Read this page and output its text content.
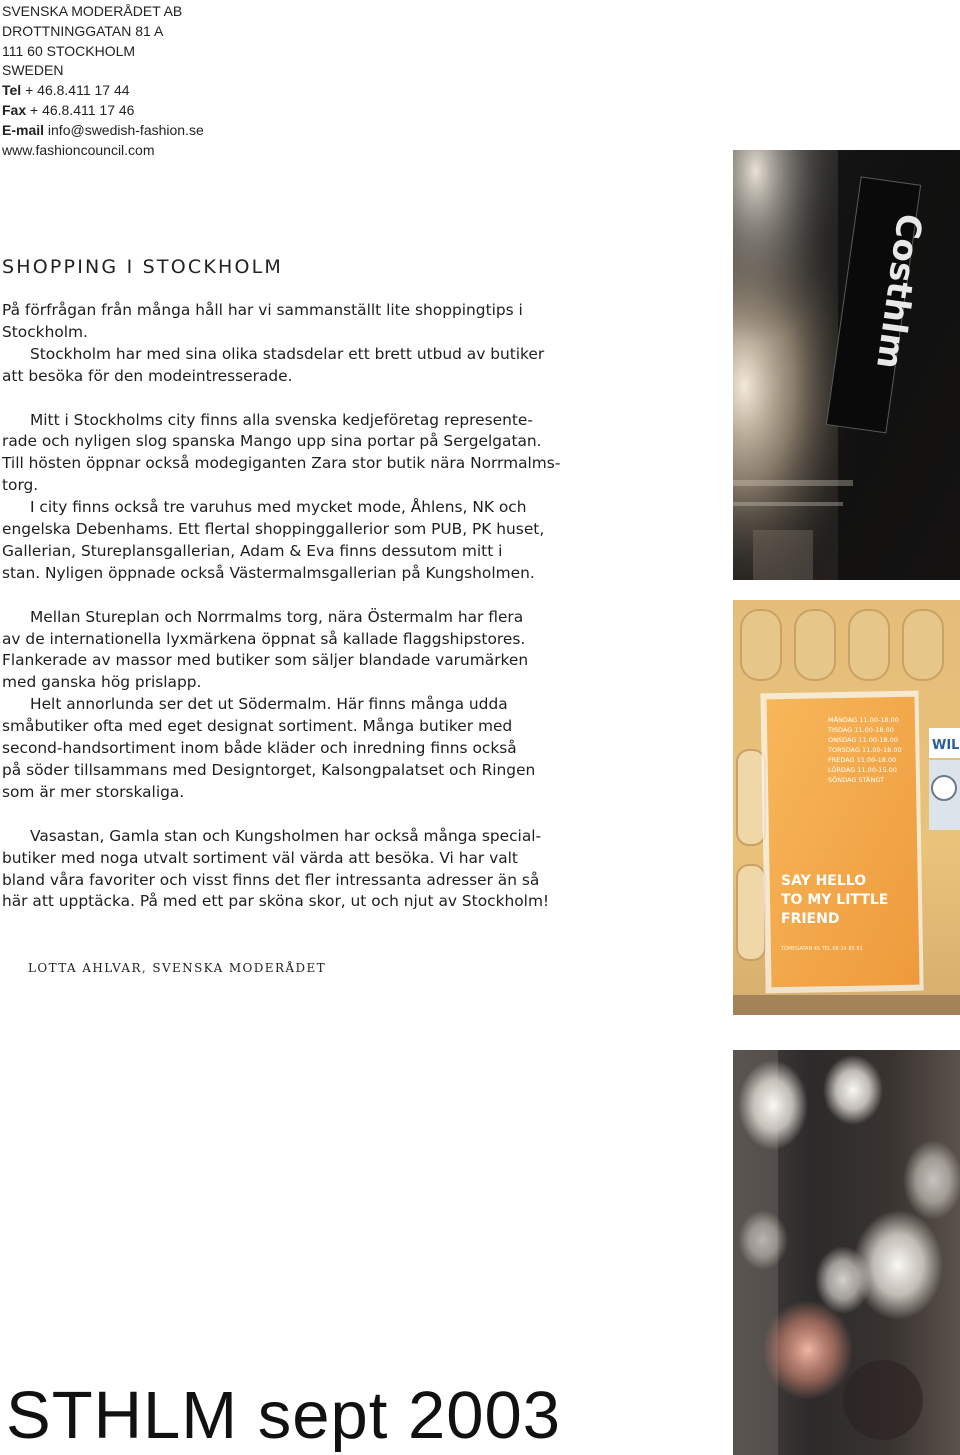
SVENSKA MODERÅDET AB
DROTTNINGGATAN 81 A
111 60 STOCKHOLM
SWEDEN
Tel + 46.8.411 17 44
Fax + 46.8.411 17 46
E-mail info@swedish-fashion.se
www.fashioncouncil.com
SHOPPING I STOCKHOLM
På förfrågan från många håll har vi sammanställt lite shoppingtips i
Stockholm.
Stockholm har med sina olika stadsdelar ett brett utbud av butiker
att besöka för den modeintresserade.
Mitt i Stockholms city finns alla svenska kedjeföretag represente-
rade och nyligen slog spanska Mango upp sina portar på Sergelgatan.
Till hösten öppnar också modegiganten Zara stor butik nära Norrmalms-
torg.
I city finns också tre varuhus med mycket mode, Åhlens, NK och
engelska Debenhams. Ett flertal shoppinggallerior som PUB, PK huset,
Gallerian, Stureplansgallerian, Adam & Eva finns dessutom mitt i
stan. Nyligen öppnade också Västermalmsgallerian på Kungsholmen.
Mellan Stureplan och Norrmalms torg, nära Östermalm har flera
av de internationella lyxmärkena öppnat så kallade flaggshipstores.
Flankerade av massor med butiker som säljer blandade varumärken
med ganska hög prislapp.
Helt annorlunda ser det ut Södermalm. Här finns många udda
småbutiker ofta med eget designat sortiment. Många butiker med
second-handsortiment inom både kläder och inredning finns också
på söder tillsammans med Designtorget, Kalsongpalatset och Ringen
som är mer storskaliga.
Vasastan, Gamla stan och Kungsholmen har också många special-
butiker med noga utvalt sortiment väl värda att besöka. Vi har valt
bland våra favoriter och visst finns det fler intressanta adresser än så
här att upptäcka. På med ett par sköna skor, ut och njut av Stockholm!
LOTTA AHLVAR, SVENSKA MODERÅDET
STHLM sept 2003
Costhlm
MÅNDAG 11.00-18.00
TISDAG 11.00-18.00
ONSDAG 11.00-18.00
TORSDAG 11.00-18.00
FREDAG 11.00-18.00
LÖRDAG 11.00-15.00
SÖNDAG STÄNGT
SAY HELLO
TO MY LITTLE
FRIEND
TOMEGATAN 45 TEL 08-14 85 81
WIL
